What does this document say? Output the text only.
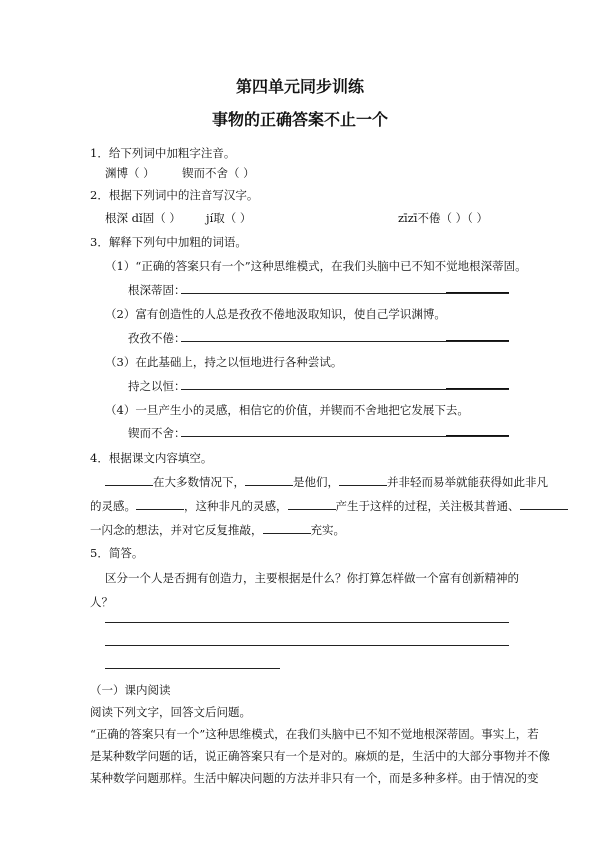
第四单元同步训练
事物的正确答案不止一个
1．给下列词中加粗字注音。
渊博（ ） 锲而不舍（ ）
2．根据下列词中的注音写汉字。
根深 dǐ固（ ） jí取（ ）	zīzī不倦（ ）（ ）
3．解释下列句中加粗的词语。
（1）“正确的答案只有一个”这种思维模式，在我们头脑中已不知不觉地根深蒂固。
根深蒂固：
（2）富有创造性的人总是孜孜不倦地汲取知识，使自己学识渊博。
孜孜不倦：
（3）在此基础上，持之以恒地进行各种尝试。
持之以恒：
（4）一旦产生小的灵感，相信它的价值，并锲而不舍地把它发展下去。
锲而不舍：
4．根据课文内容填空。
在大多数情况下，	是他们，	并非轻而易举就能获得如此非凡
的灵感。	，这种非凡的灵感，	产生于这样的过程，关注极其普通、
一闪念的想法，并对它反复推敲，	充实。
5．简答。
区分一个人是否拥有创造力，主要根据是什么？你打算怎样做一个富有创新精神的
人？
（一）课内阅读
阅读下列文字，回答文后问题。
“正确的答案只有一个”这种思维模式，在我们头脑中已不知不觉地根深蒂固。事实上，若
是某种数学问题的话，说正确答案只有一个是对的。麻烦的是，生活中的大部分事物并不像
某种数学问题那样。生活中解决问题的方法并非只有一个，而是多种多样。由于情况的变
